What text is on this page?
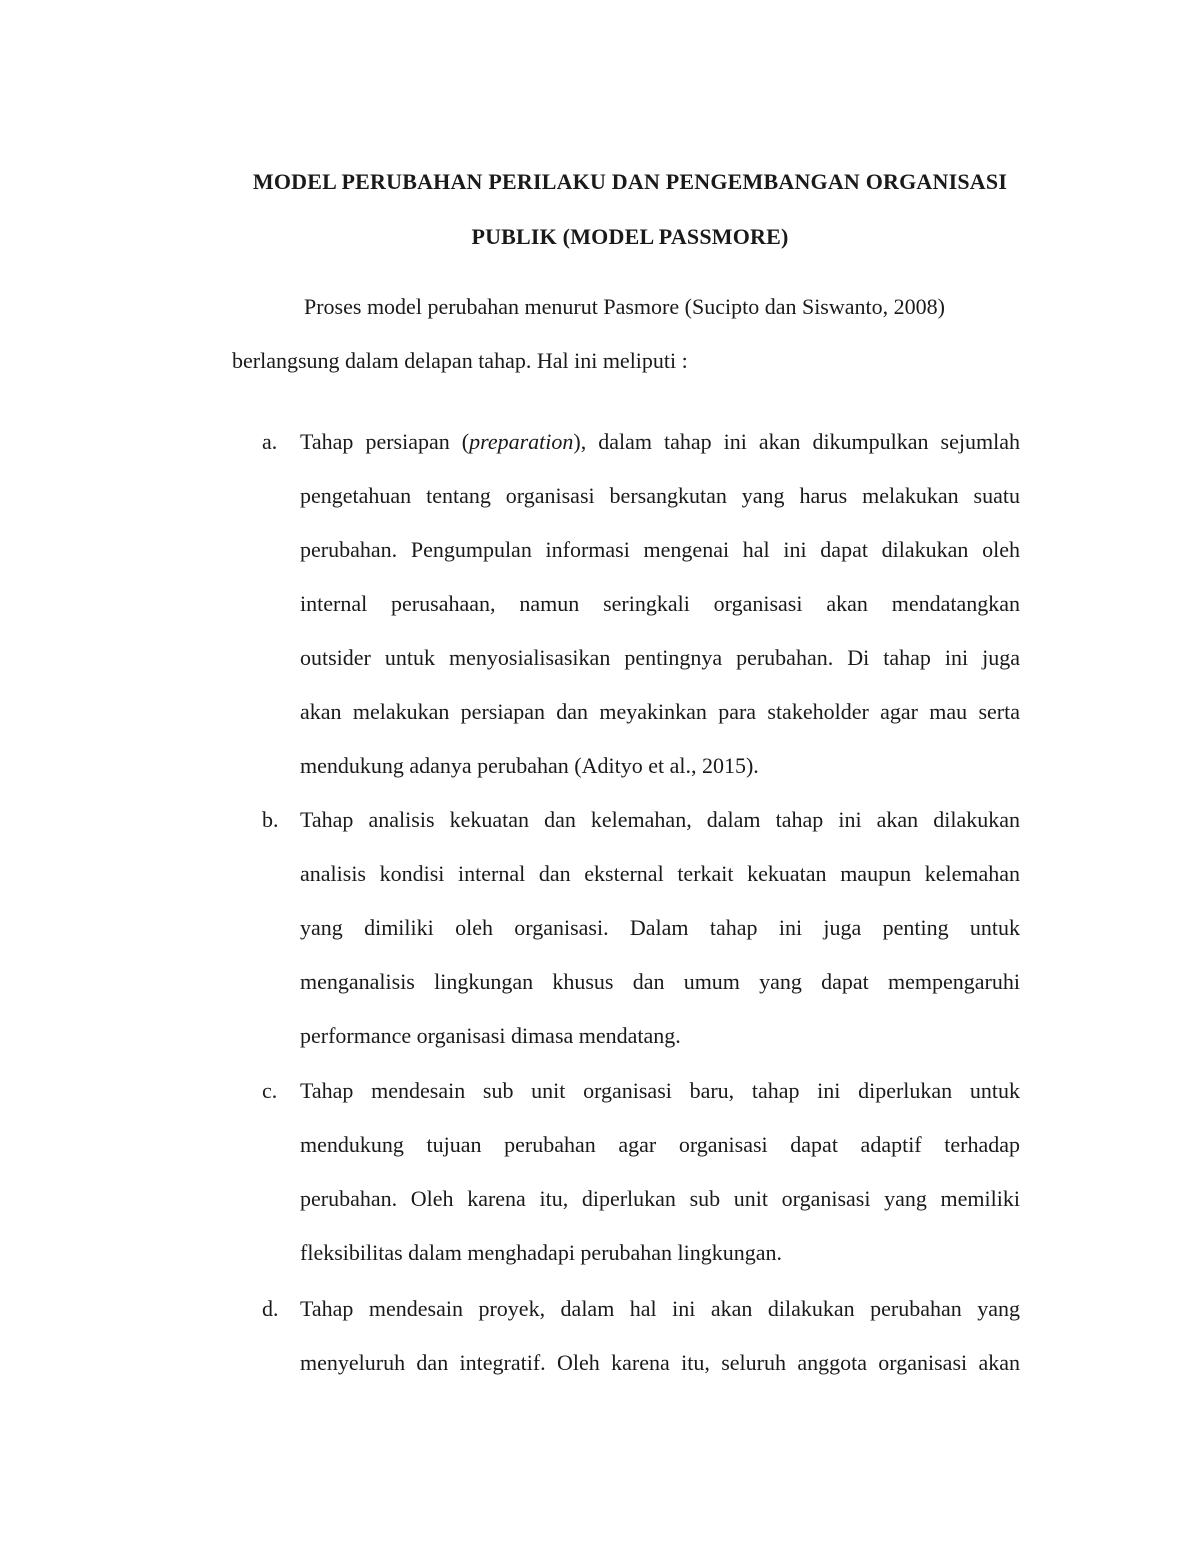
MODEL PERUBAHAN PERILAKU DAN PENGEMBANGAN ORGANISASI
PUBLIK (MODEL PASSMORE)
Proses model perubahan menurut Pasmore (Sucipto dan Siswanto, 2008)
berlangsung dalam delapan tahap. Hal ini meliputi :
a.	Tahap persiapan (preparation), dalam tahap ini akan dikumpulkan sejumlah
pengetahuan tentang organisasi bersangkutan yang harus melakukan suatu
perubahan. Pengumpulan informasi mengenai hal ini dapat dilakukan oleh
internal perusahaan, namun seringkali organisasi akan mendatangkan
outsider untuk menyosialisasikan pentingnya perubahan. Di tahap ini juga
akan melakukan persiapan dan meyakinkan para stakeholder agar mau serta
mendukung adanya perubahan (Adityo et al., 2015).
b. Tahap analisis kekuatan dan kelemahan, dalam tahap ini akan dilakukan
analisis kondisi internal dan eksternal terkait kekuatan maupun kelemahan
yang dimiliki oleh organisasi. Dalam tahap ini juga penting untuk
menganalisis lingkungan khusus dan umum yang dapat mempengaruhi
performance organisasi dimasa mendatang.
c.	Tahap mendesain sub unit organisasi baru, tahap ini diperlukan untuk
mendukung tujuan perubahan agar organisasi dapat adaptif terhadap
perubahan. Oleh karena itu, diperlukan sub unit organisasi yang memiliki
fleksibilitas dalam menghadapi perubahan lingkungan.
d. Tahap mendesain proyek, dalam hal ini akan dilakukan perubahan yang
menyeluruh dan integratif. Oleh karena itu, seluruh anggota organisasi akan
